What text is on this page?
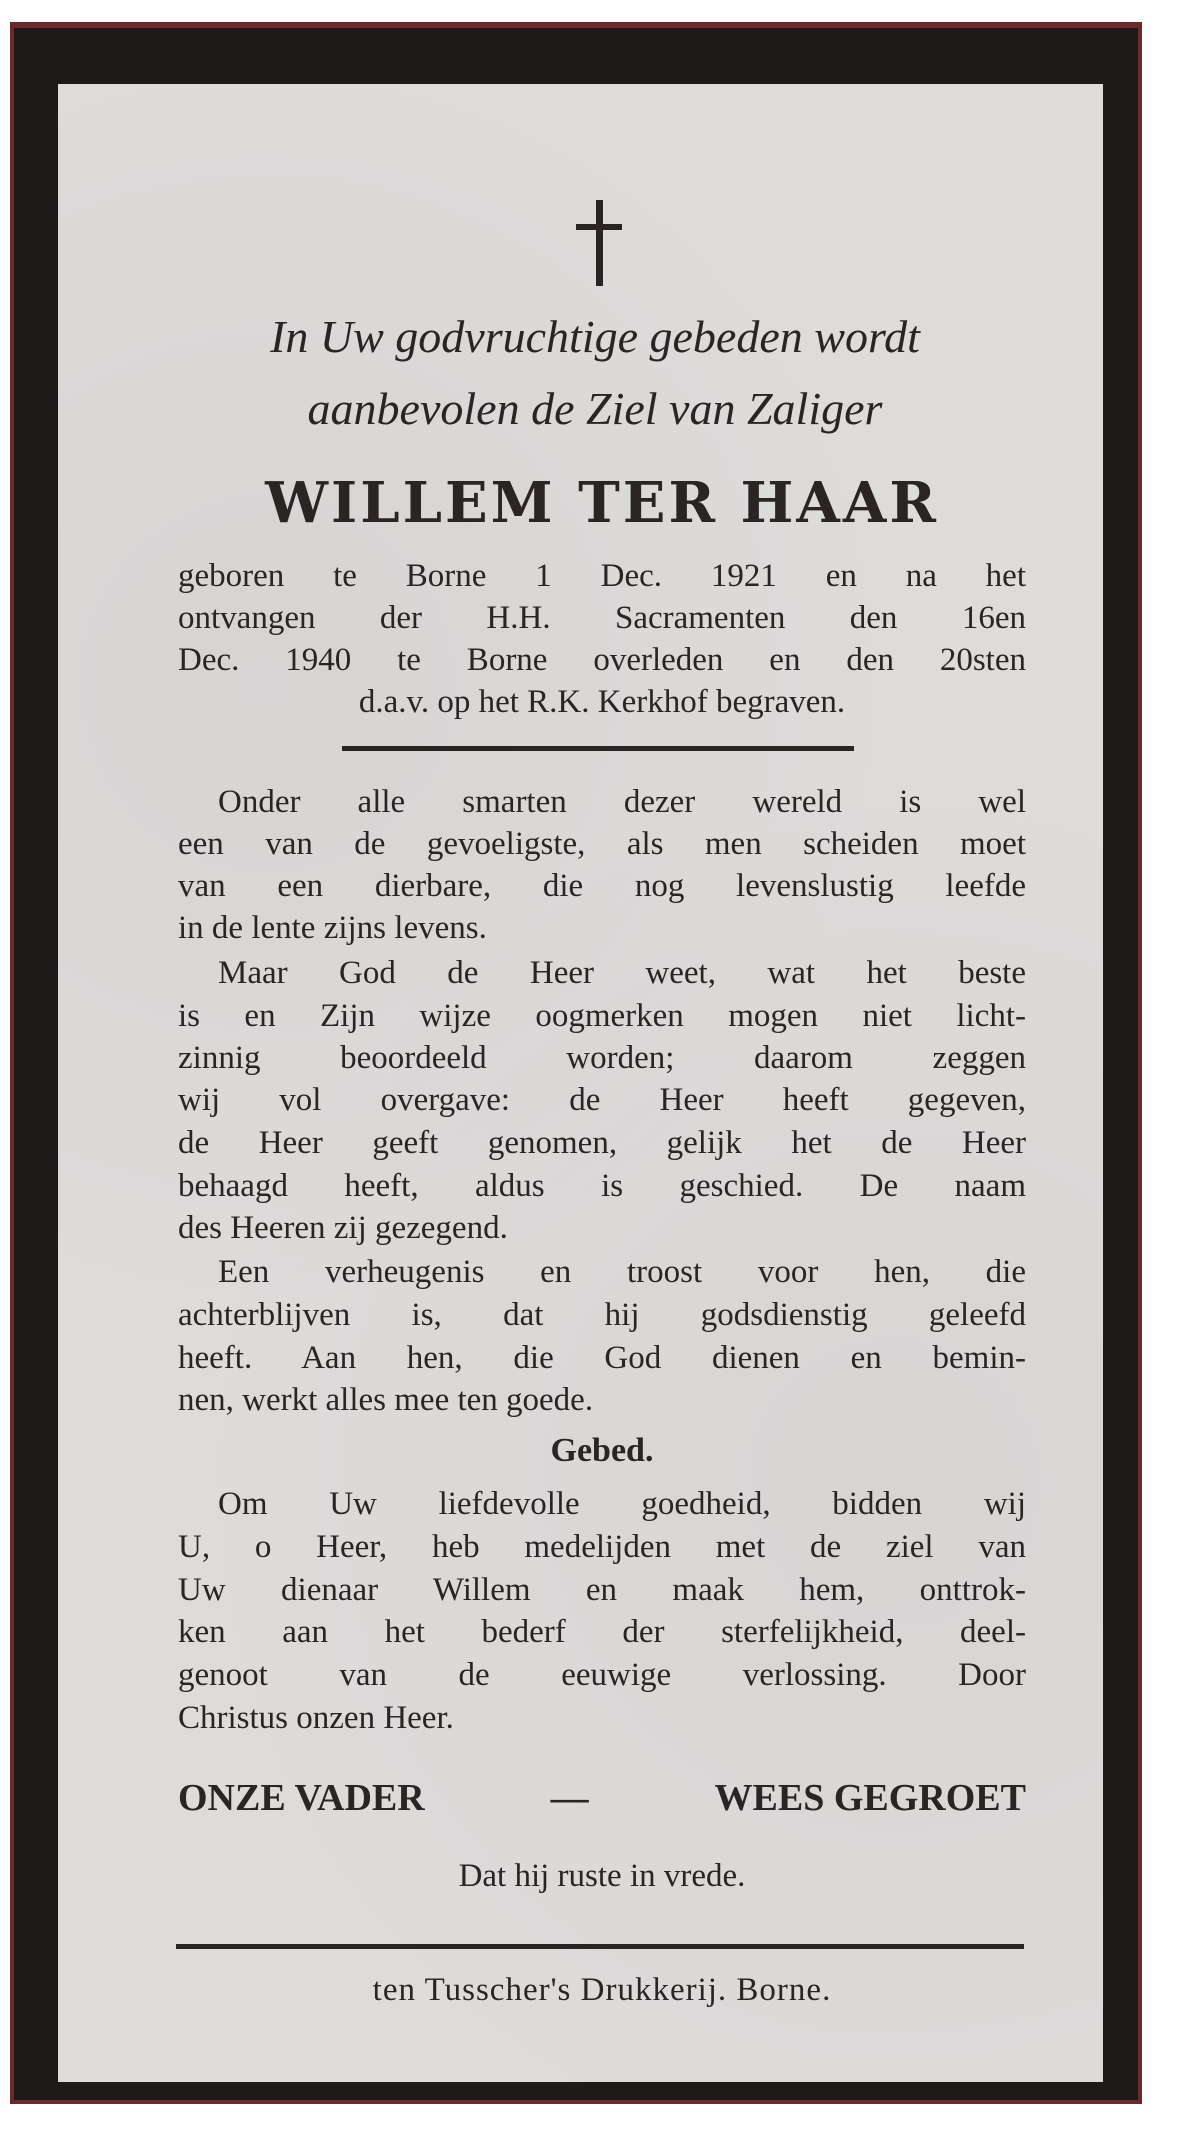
In Uw godvruchtige gebeden wordt
aanbevolen de Ziel van Zaliger
WILLEM TER HAAR
geboren te Borne 1 Dec. 1921 en na het
ontvangen der H.H. Sacramenten den 16en
Dec. 1940 te Borne overleden en den 20sten
d.a.v. op het R.K. Kerkhof begraven.
Onder alle smarten dezer wereld is wel
een van de gevoeligste, als men scheiden moet
van een dierbare, die nog levenslustig leefde
in de lente zijns levens.
Maar God de Heer weet, wat het beste
is en Zijn wijze oogmerken mogen niet licht-
zinnig beoordeeld worden; daarom zeggen
wij vol overgave: de Heer heeft gegeven,
de Heer geeft genomen, gelijk het de Heer
behaagd heeft, aldus is geschied. De naam
des Heeren zij gezegend.
Een verheugenis en troost voor hen, die
achterblijven is, dat hij godsdienstig geleefd
heeft. Aan hen, die God dienen en bemin-
nen, werkt alles mee ten goede.
Gebed.
Om Uw liefdevolle goedheid, bidden wij
U, o Heer, heb medelijden met de ziel van
Uw dienaar Willem en maak hem, onttrok-
ken aan het bederf der sterfelijkheid, deel-
genoot van de eeuwige verlossing. Door
Christus onzen Heer.
ONZE VADER	—	WEES GEGROET
Dat hij ruste in vrede.
ten Tusscher's Drukkerij. Borne.
